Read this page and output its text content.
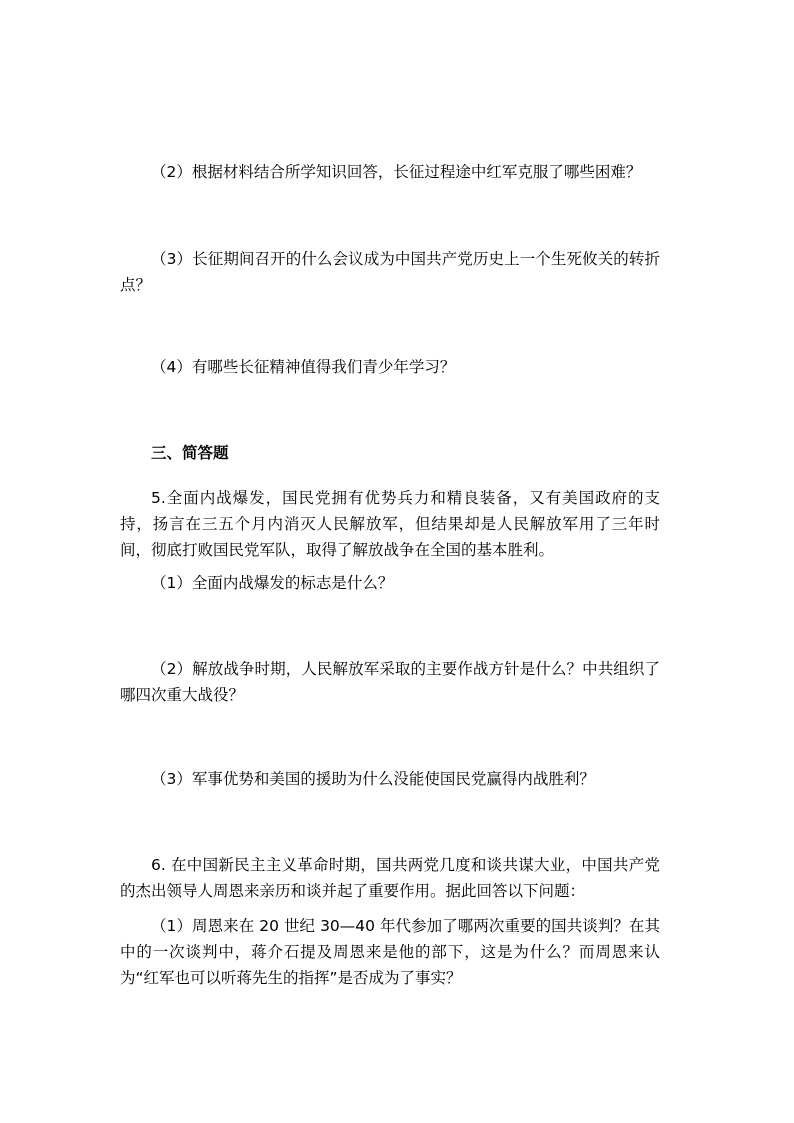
（2）根据材料结合所学知识回答，长征过程途中红军克服了哪些困难？
（3）长征期间召开的什么会议成为中国共产党历史上一个生死攸关的转折点？
（4）有哪些长征精神值得我们青少年学习？
三、简答题
5.全面内战爆发，国民党拥有优势兵力和精良装备，又有美国政府的支持，扬言在三五个月内消灭人民解放军，但结果却是人民解放军用了三年时间，彻底打败国民党军队，取得了解放战争在全国的基本胜利。
（1）全面内战爆发的标志是什么？
（2）解放战争时期，人民解放军采取的主要作战方针是什么？中共组织了哪四次重大战役？
（3）军事优势和美国的援助为什么没能使国民党赢得内战胜利？
6. 在中国新民主主义革命时期，国共两党几度和谈共谋大业，中国共产党的杰出领导人周恩来亲历和谈并起了重要作用。据此回答以下问题：
（1）周恩来在 20 世纪 30—40 年代参加了哪两次重要的国共谈判？在其中的一次谈判中，蒋介石提及周恩来是他的部下，这是为什么？而周恩来认为“红军也可以听蒋先生的指挥”是否成为了事实？
